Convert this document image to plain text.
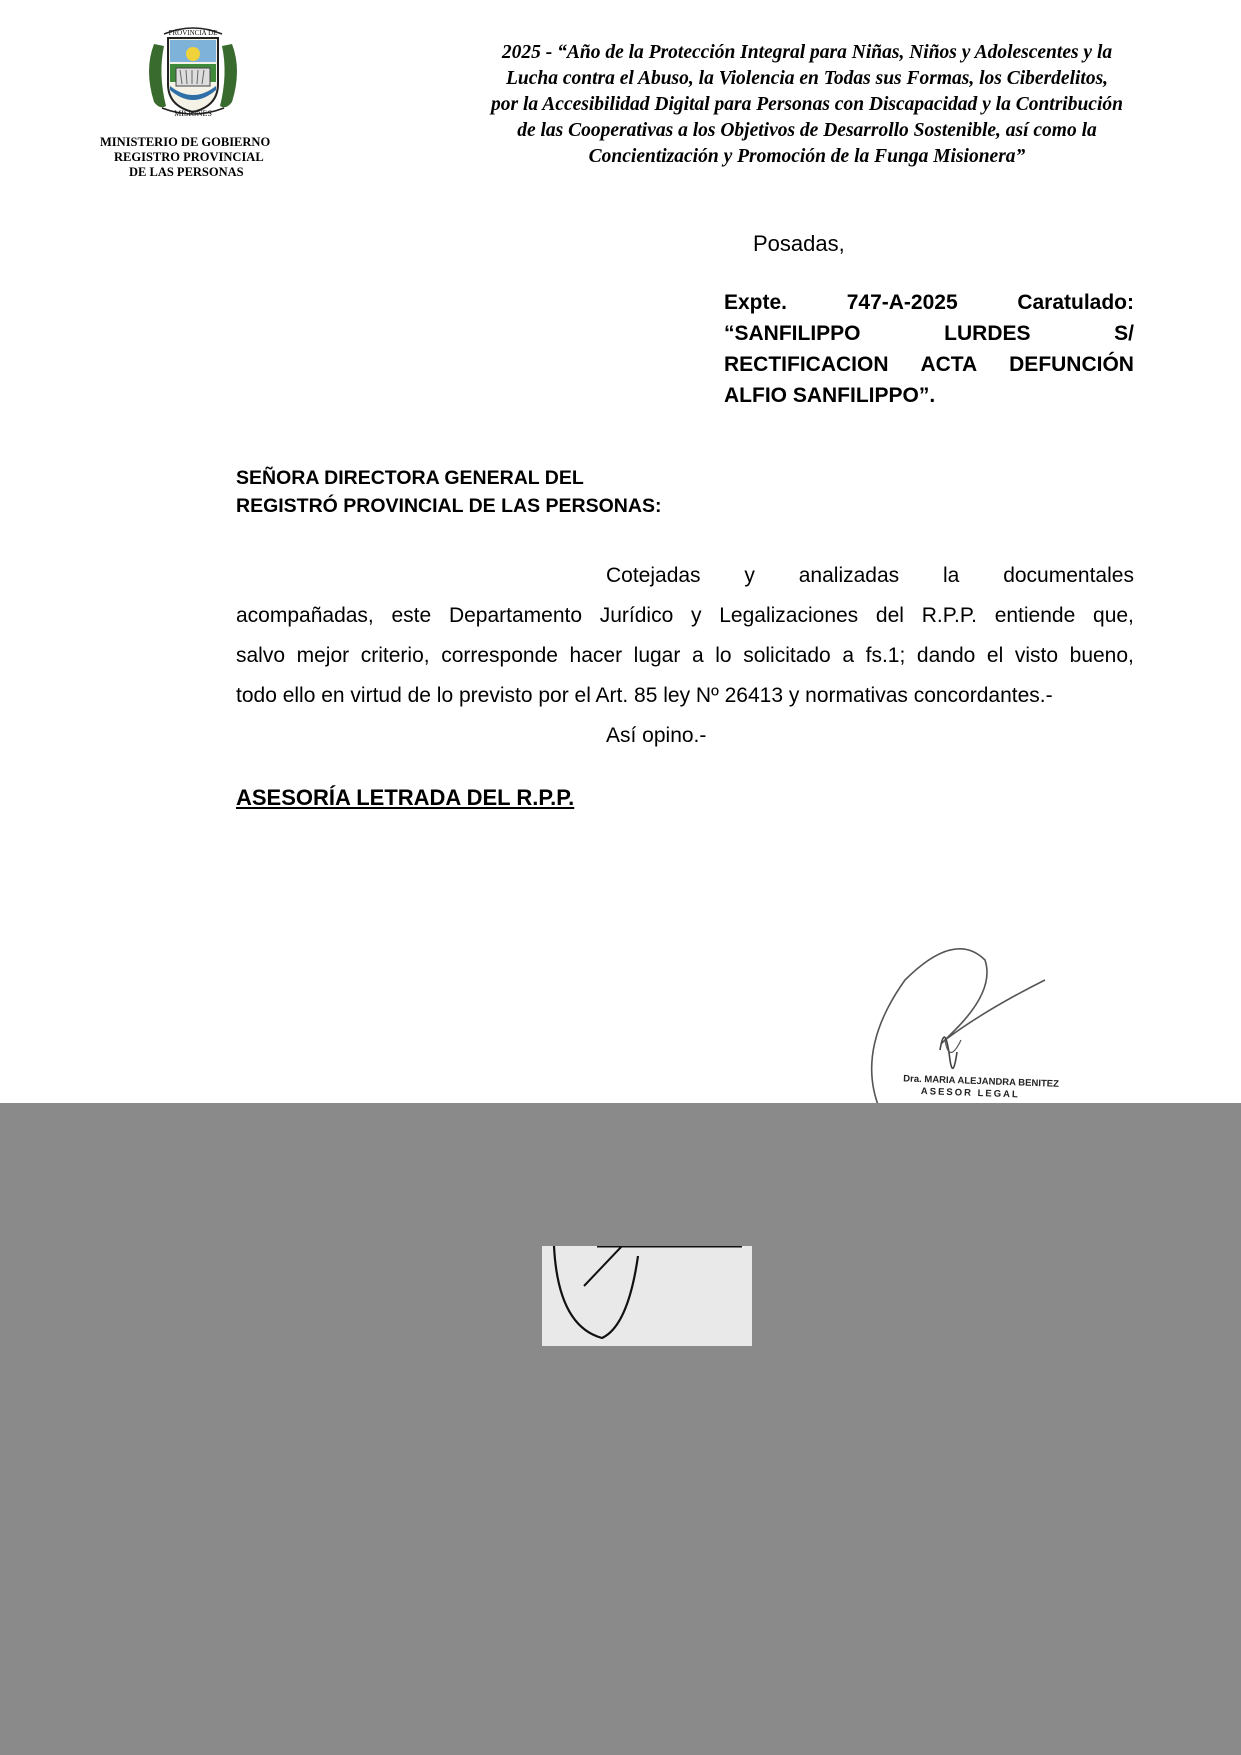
PROVINCIA DE
MISIONES
MINISTERIO DE GOBIERNO
REGISTRO PROVINCIAL
DE LAS PERSONAS
2025 - “Año de la Protección Integral para Niñas, Niños y Adolescentes y la
Lucha contra el Abuso, la Violencia en Todas sus Formas, los Ciberdelitos,
por la Accesibilidad Digital para Personas con Discapacidad y la Contribución
de las Cooperativas a los Objetivos de Desarrollo Sostenible, así como la
Concientización y Promoción de la Funga Misionera”
Posadas,
Expte.	747-A-2025	Caratulado:
“SANFILIPPO	LURDES	S/
RECTIFICACION ACTA DEFUNCIÓN
ALFIO SANFILIPPO”.
SEÑORA DIRECTORA GENERAL DEL
REGISTRÓ PROVINCIAL DE LAS PERSONAS:
Cotejadas y analizadas la documentales
acompañadas, este Departamento Jurídico y Legalizaciones del R.P.P. entiende que,
salvo mejor criterio, corresponde hacer lugar a lo solicitado a fs.1; dando el visto bueno,
todo ello en virtud de lo previsto por el Art. 85 ley Nº 26413 y normativas concordantes.-
Así opino.-
ASESORÍA LETRADA DEL R.P.P.
Dra. MARIA ALEJANDRA BENITEZ
ASESOR LEGAL
